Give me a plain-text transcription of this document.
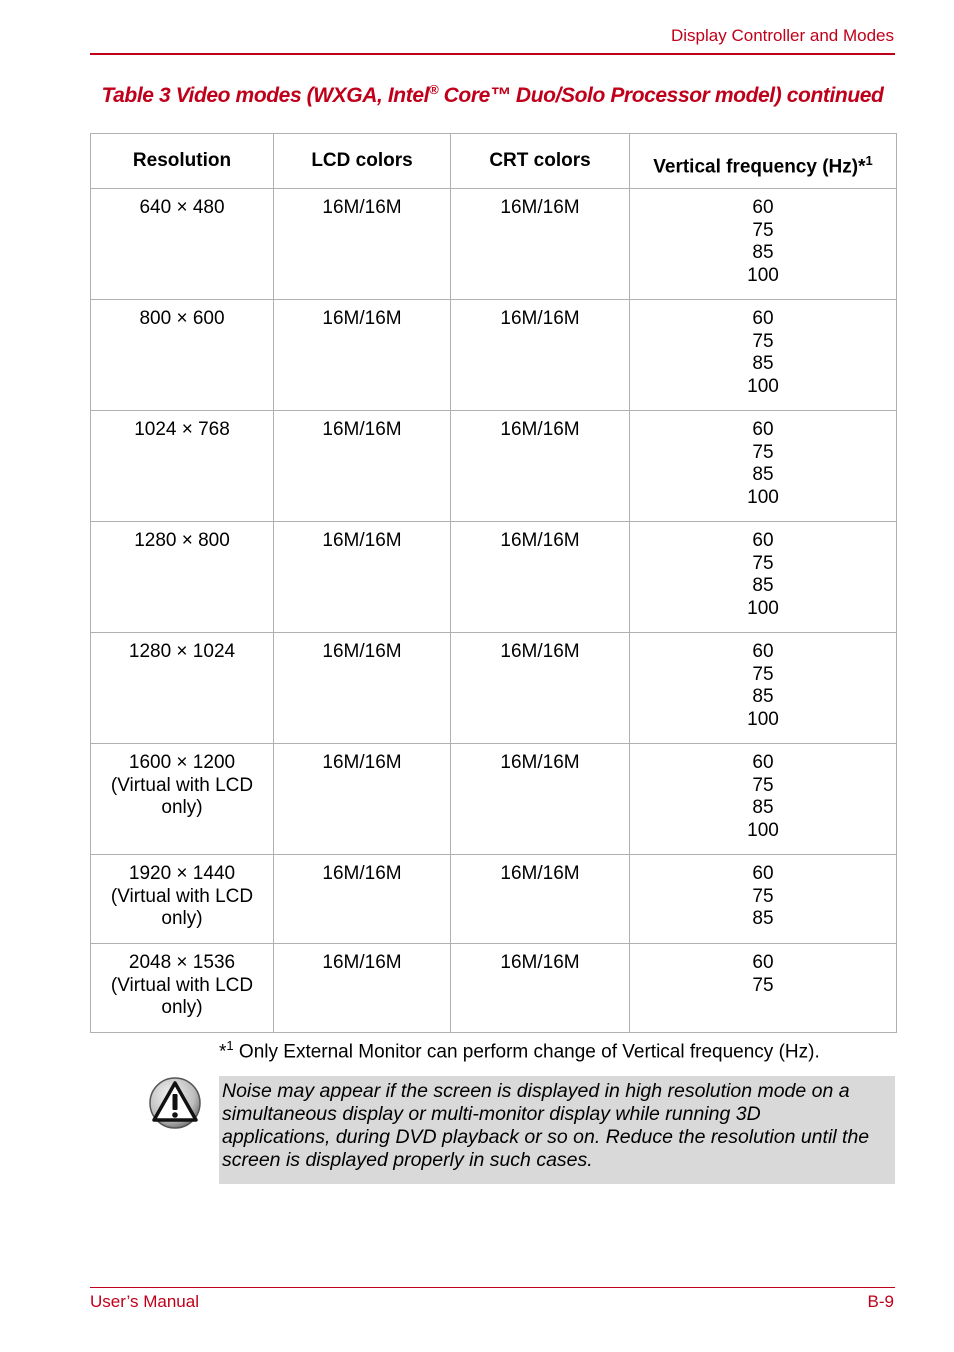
Display Controller and Modes
Table 3 Video modes (WXGA, Intel® Core™ Duo/Solo Processor model) continued
Resolution	LCD colors	CRT colors	Vertical frequency (Hz)*$^1$

640 × 480	16M/16M	16M/16M	60
75
85
100

800 × 600	16M/16M	16M/16M	60
75
85
100

1024 × 768	16M/16M	16M/16M	60
75
85
100

1280 × 800	16M/16M	16M/16M	60
75
85
100

1280 × 1024	16M/16M	16M/16M	60
75
85
100

1600 × 1200
(Virtual with LCD
only)	16M/16M	16M/16M	60
75
85
100

1920 × 1440
(Virtual with LCD
only)	16M/16M	16M/16M	60
75
85

2048 × 1536
(Virtual with LCD
only)	16M/16M	16M/16M	60
75
*$^1$ Only External Monitor can perform change of Vertical frequency (Hz).

Noise may appear if the screen is displayed in high resolution mode on a
simultaneous display or multi-monitor display while running 3D
applications, during DVD playback or so on. Reduce the resolution until the
screen is displayed properly in such cases.

User’s Manual	B-9
